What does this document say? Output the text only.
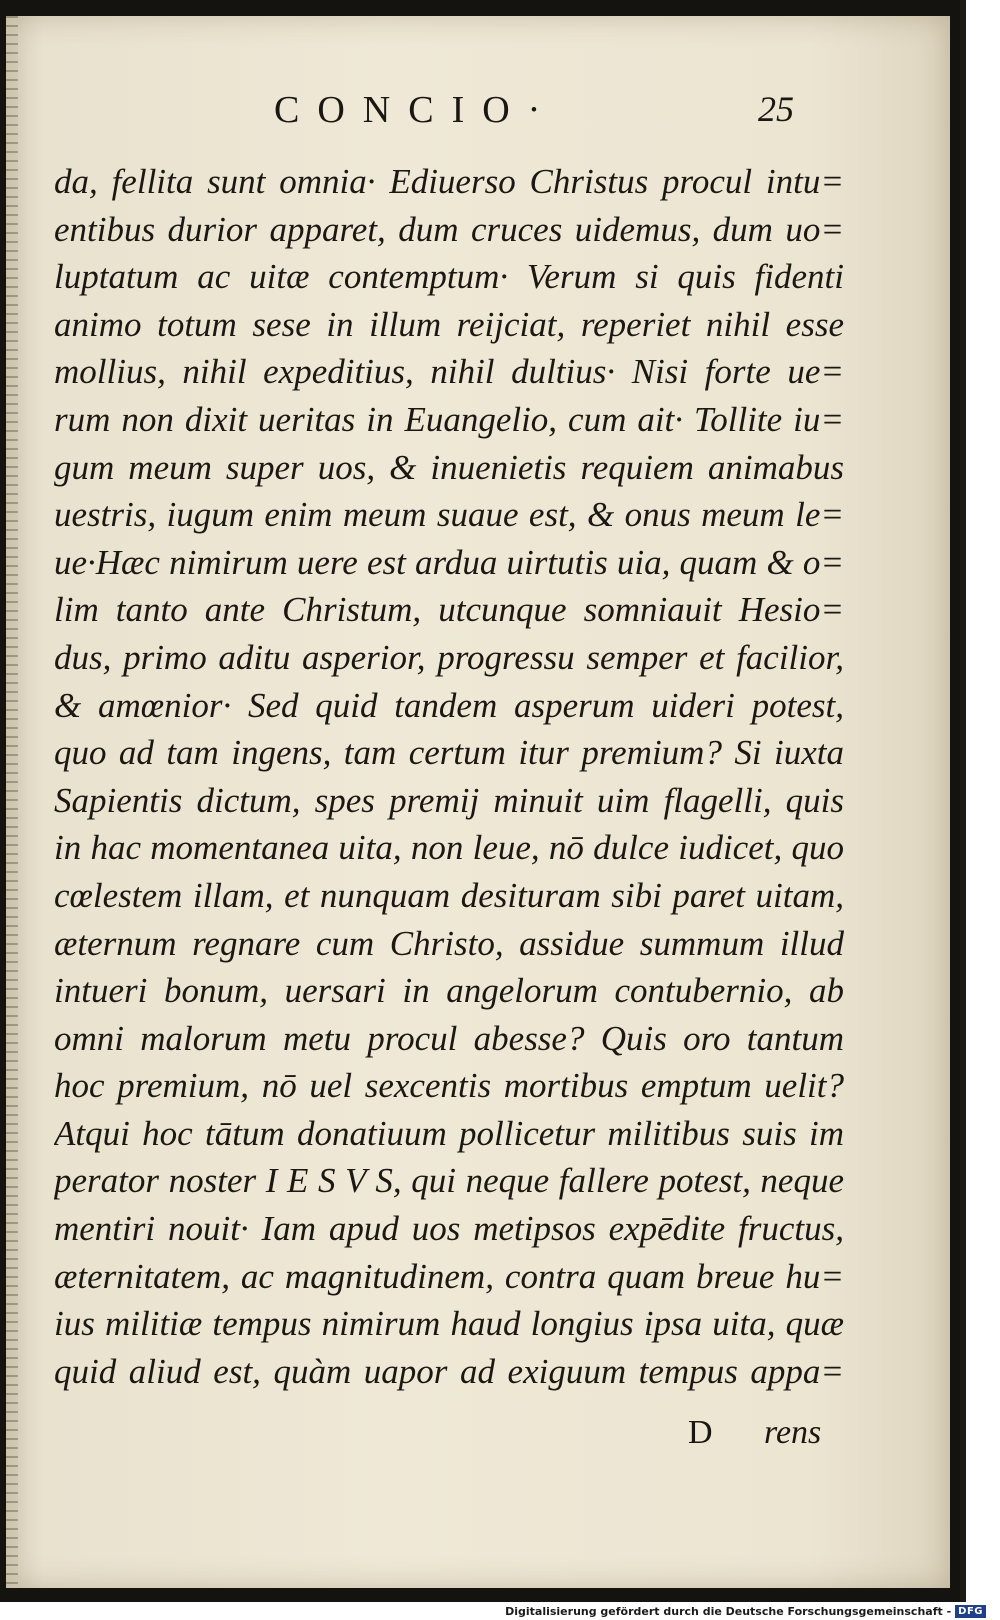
CONCIO·	25
da, fellita sunt omnia· Ediuerso Christus procul intu=
entibus durior apparet, dum cruces uidemus, dum uo=
luptatum ac uitæ contemptum· Verum si quis fidenti
animo totum sese in illum reijciat, reperiet nihil esse
mollius, nihil expeditius, nihil dultius· Nisi forte ue=
rum non dixit ueritas in Euangelio, cum ait· Tollite iu=
gum meum super uos, & inuenietis requiem animabus
uestris, iugum enim meum suaue est, & onus meum le=
ue·Hæc nimirum uere est ardua uirtutis uia, quam & o=
lim tanto ante Christum, utcunque somniauit Hesio=
dus, primo aditu asperior, progressu semper et facilior,
& amœnior· Sed quid tandem asperum uideri potest,
quo ad tam ingens, tam certum itur premium? Si iuxta
Sapientis dictum, spes premij minuit uim flagelli, quis
in hac momentanea uita, non leue, nō dulce iudicet, quo
cœlestem illam, et nunquam desituram sibi paret uitam,
æternum regnare cum Christo, assidue summum illud
intueri bonum, uersari in angelorum contubernio, ab
omni malorum metu procul abesse? Quis oro tantum
hoc premium, nō uel sexcentis mortibus emptum uelit?
Atqui hoc tātum donatiuum pollicetur militibus suis im
perator noster I E S V S, qui neque fallere potest, neque
mentiri nouit· Iam apud uos metipsos expēdite fructus,
æternitatem, ac magnitudinem, contra quam breue hu=
ius militiæ tempus nimirum haud longius ipsa uita, quæ
quid aliud est, quàm uapor ad exiguum tempus appa=
D rens
Digitalisierung gefördert durch die Deutsche Forschungsgemeinschaft - DFG
